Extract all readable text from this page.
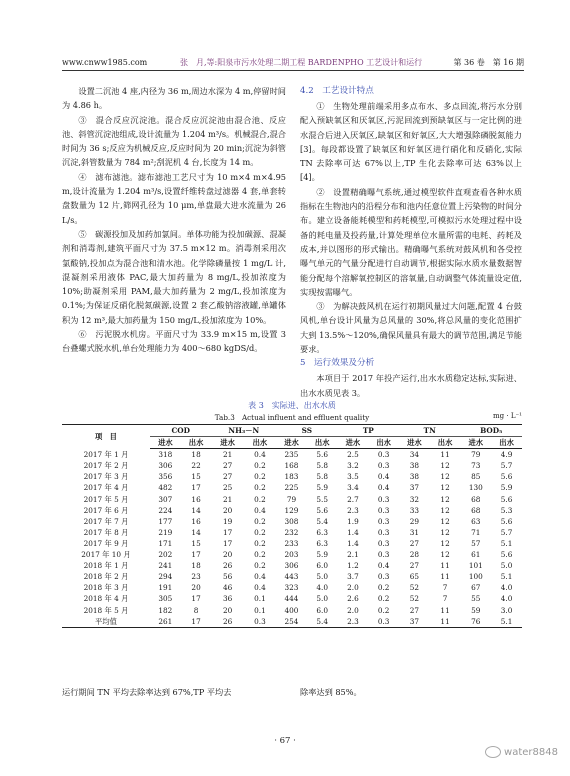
www.cnww1985.com	张　月,等:阳泉市污水处理二期工程 BARDENPHO 工艺设计和运行	第 36 卷　第 16 期

设置二沉池 4 座,内径为 36 m,周边水深为 4 m,停留时间为 4.86 h。

③　混合反应沉淀池。混合反应沉淀池由混合池、反应池、斜管沉淀池组成,设计流量为 1.204 m³/s。机械混合,混合时间为 36 s;反应为机械反应,反应时间为 20 min;沉淀为斜管沉淀,斜管数量为 784 m²;刮泥机 4 台,长度为 14 m。

④　滤布滤池。滤布滤池工艺尺寸为 10 m×4 m×4.95 m,设计流量为 1.204 m³/s,设置纤维转盘过滤器 4 套,单套转盘数量为 12 片,筛网孔径为 10 μm,单盘最大进水流量为 26 L/s。

⑤　碳源投加及加药加氯间。单体功能为投加碳源、混凝剂和消毒剂,建筑平面尺寸为 37.5 m×12 m。消毒剂采用次氯酸钠,投加点为混合池和清水池。化学除磷量按 1 mg/L 计,混凝剂采用液体 PAC,最大加药量为 8 mg/L,投加浓度为 10%;助凝剂采用 PAM,最大加药量为 2 mg/L,投加浓度为 0.1%;为保证反硝化脱氮碳源,设置 2 套乙酸钠溶液罐,单罐体积为 12 m³,最大加药量为 150 mg/L,投加浓度为 10%。

⑥　污泥脱水机房。平面尺寸为 33.9 m×15 m,设置 3 台叠螺式脱水机,单台处理能力为 400～680 kgDS/d。

4.2　工艺设计特点

①　生物处理前端采用多点布水、多点回流,将污水分别配入预缺氧区和厌氧区,污泥回流到预缺氧区与一定比例的进水混合后进入厌氧区,缺氧区和好氧区,大大增强除磷脱氮能力[3]。每段都设置了缺氧区和好氧区进行硝化和反硝化,实际 TN 去除率可达 67%以上,TP 生化去除率可达 63%以上[4]。

②　设置精确曝气系统,通过模型软件直观查看各种水质指标在生物池内的沿程分布和池内任意位置上污染物的时间分布。建立设备能耗模型和药耗模型,可模拟污水处理过程中设备的耗电量及投药量,计算处理单位水量所需的电耗、药耗及成本,并以图形的形式输出。精确曝气系统对鼓风机和各受控曝气单元的气量分配进行自动调节,根据实际水质水量数据智能分配每个溶解氧控制区的溶氧量,自动调整气体流量设定值,实现按需曝气。

③　为解决鼓风机在运行初期风量过大问题,配置 4 台鼓风机,单台设计风量为总风量的 30%,将总风量的变化范围扩大到 13.5%～120%,确保风量具有最大的调节范围,满足节能要求。

5　运行效果及分析

本项目于 2017 年投产运行,出水水质稳定达标,实际进、出水水质见表 3。

表 3　实际进、出水水质
Tab.3　Actual influent and effluent quality	mg · L⁻¹
项　目	COD		NH₃－N		SS		TP		TN		BOD₅	
	进水	出水	进水	出水	进水	出水	进水	出水	进水	出水	进水	出水
2017 年 1 月	318	18	21	0.4	235	5.6	2.5	0.3	34	11	79	4.9
2017 年 2 月	306	22	27	0.2	168	5.8	3.2	0.3	38	12	73	5.7
2017 年 3 月	356	15	27	0.2	183	5.8	3.5	0.4	38	12	85	5.6
2017 年 4 月	482	17	25	0.2	225	5.9	3.4	0.4	37	12	130	5.9
2017 年 5 月	307	16	21	0.2	79	5.5	2.7	0.3	32	12	68	5.6
2017 年 6 月	224	14	20	0.4	129	5.6	2.3	0.3	33	12	68	5.3
2017 年 7 月	177	16	19	0.2	308	5.4	1.9	0.3	29	12	63	5.6
2017 年 8 月	219	14	17	0.2	232	6.3	1.4	0.3	31	12	71	5.7
2017 年 9 月	171	15	17	0.2	233	6.3	1.4	0.3	27	12	57	5.1
2017 年 10 月	202	17	20	0.2	203	5.9	2.1	0.3	28	12	61	5.6
2018 年 1 月	241	18	26	0.2	306	6.0	1.2	0.4	27	11	101	5.0
2018 年 2 月	294	23	56	0.4	443	5.0	3.7	0.3	65	11	100	5.1
2018 年 3 月	191	20	46	0.4	323	4.0	2.0	0.2	52	7	67	4.0
2018 年 4 月	305	17	36	0.1	444	5.0	2.6	0.2	52	7	55	4.0
2018 年 5 月	182	8	20	0.1	400	6.0	2.0	0.2	27	11	59	3.0
平均值	261	17	26	0.3	254	5.4	2.3	0.3	37	11	76	5.1
运行期间 TN 平均去除率达到 67%,TP 平均去	除率达到 85%。
· 67 ·
water8848
